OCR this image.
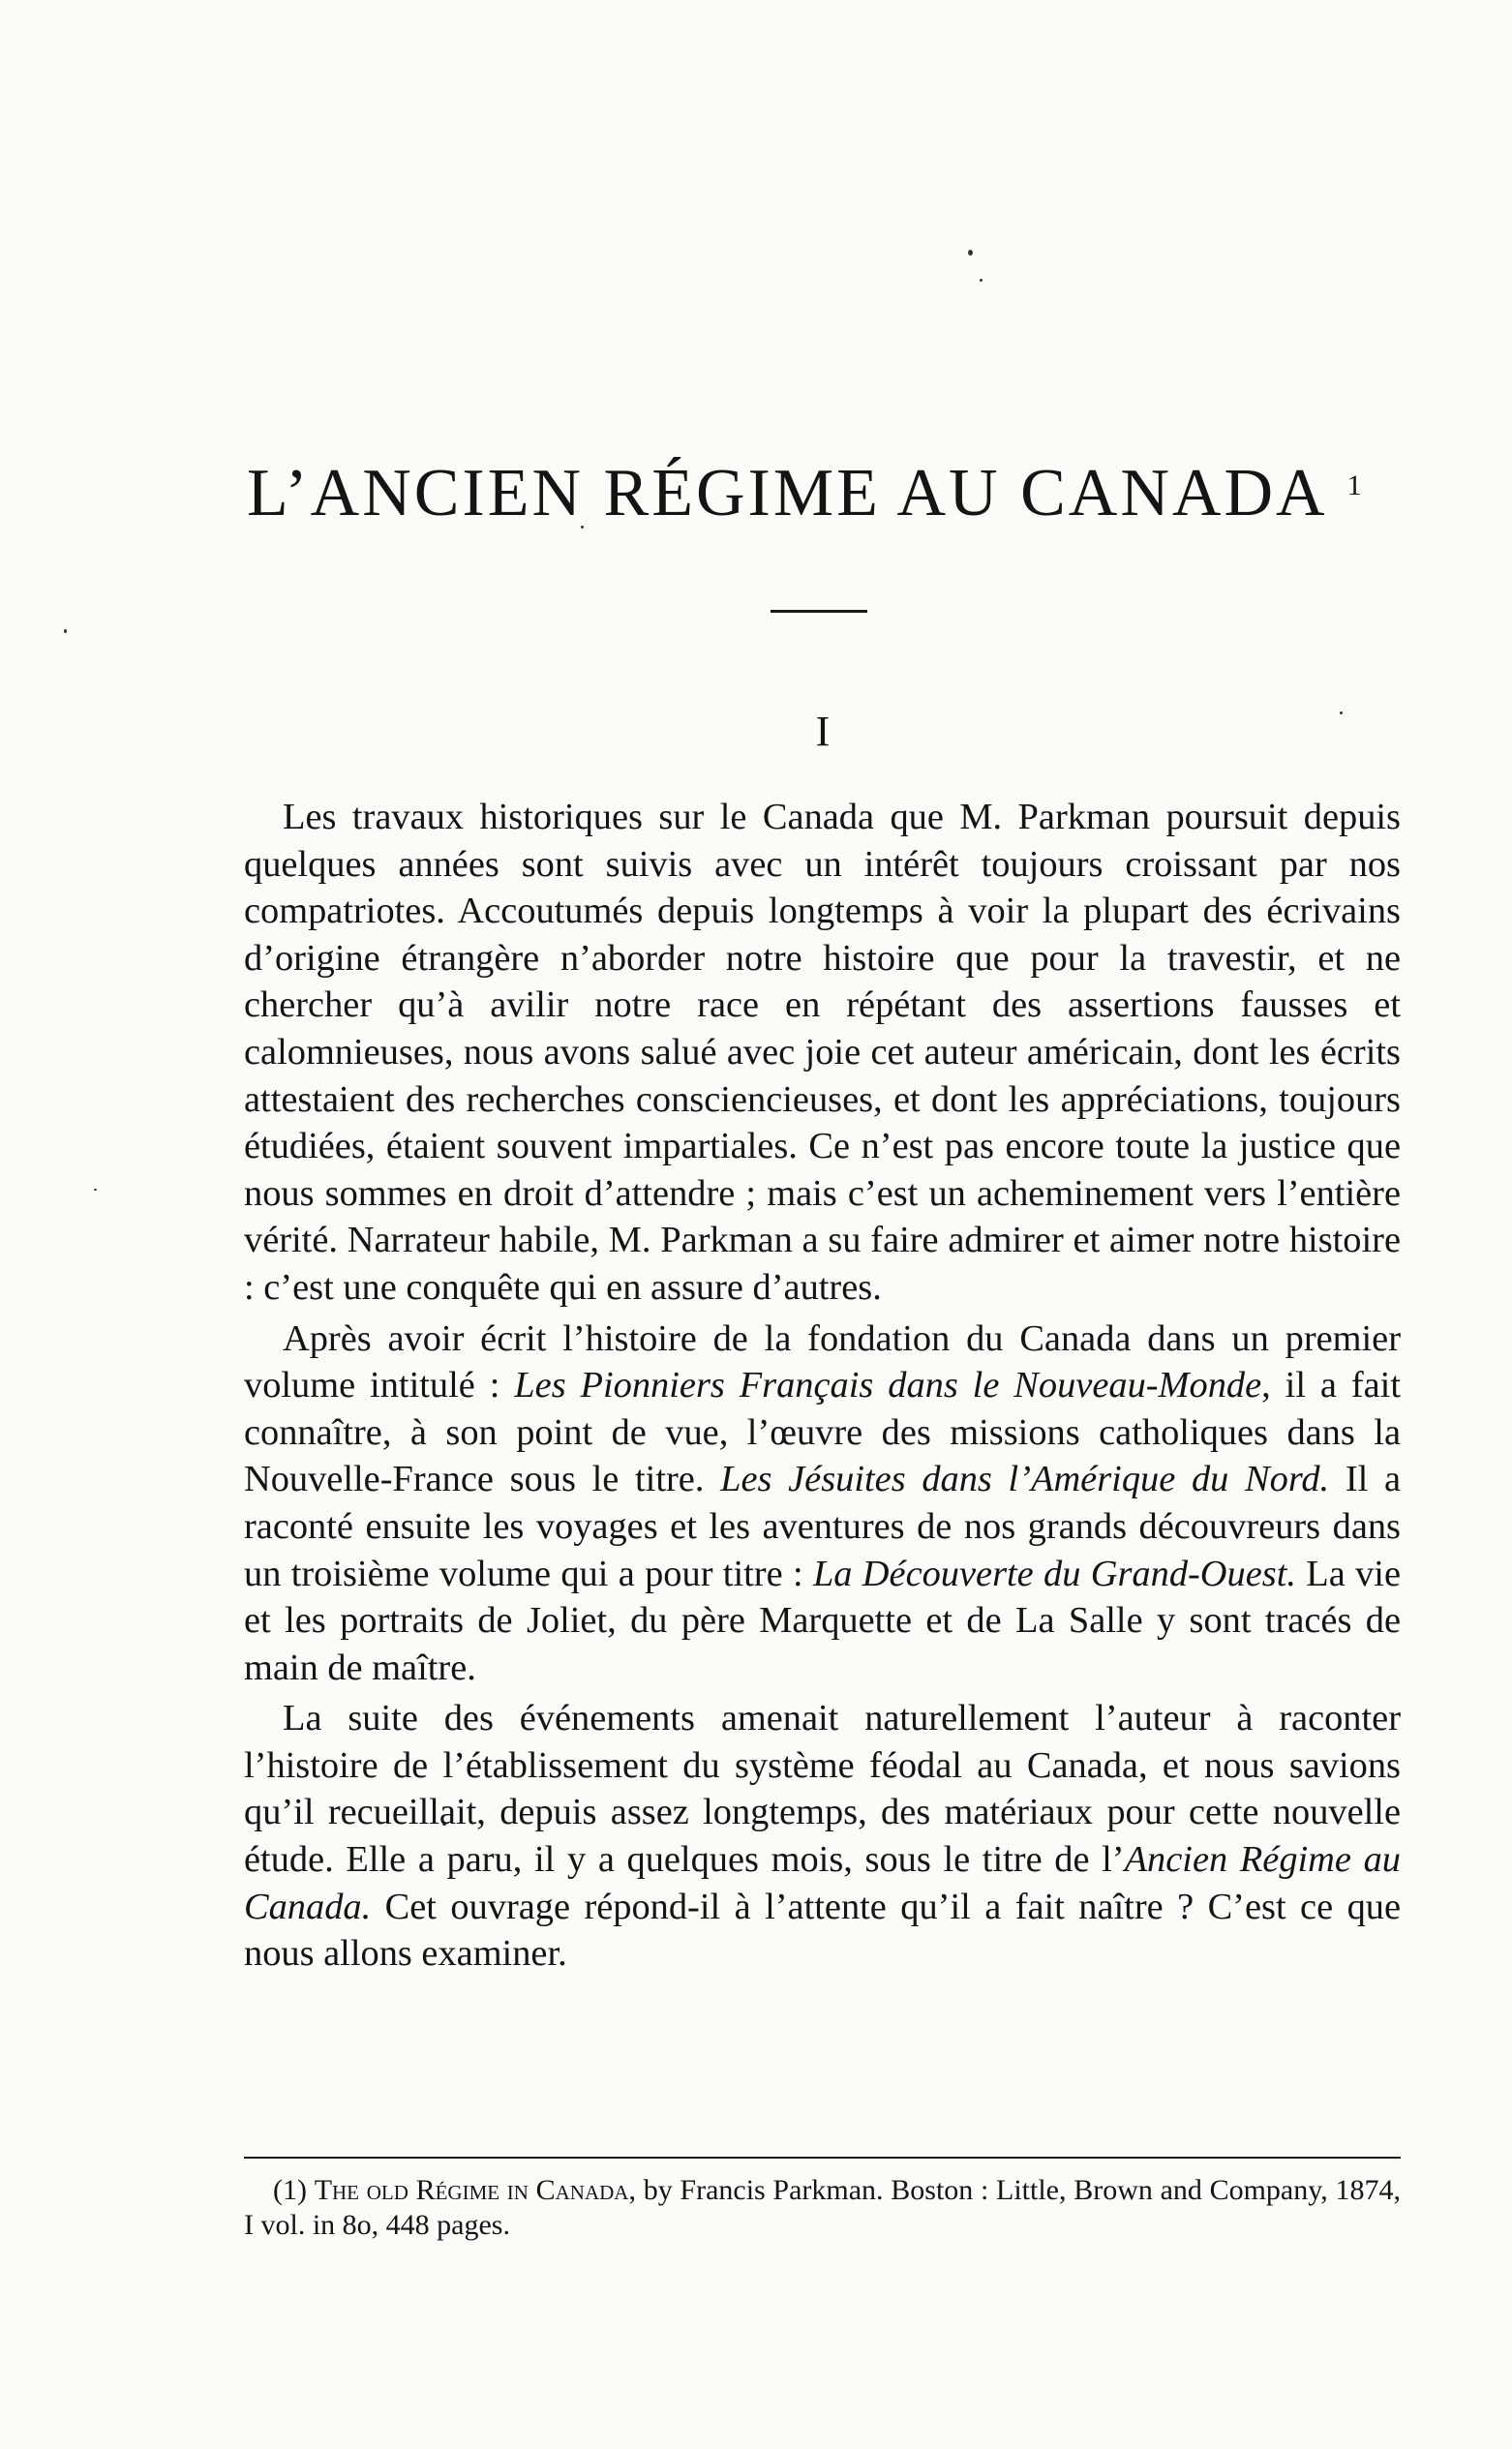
L’ANCIEN RÉGIME AU CANADA $^1$
I

Les travaux historiques sur le Canada que M. Parkman poursuit depuis quelques années sont suivis avec un intérêt toujours croissant par nos compatriotes. Accoutumés depuis longtemps à voir la plupart des écrivains d’origine étrangère n’aborder notre histoire que pour la travestir, et ne chercher qu’à avilir notre race en répétant des assertions fausses et calomnieuses, nous avons salué avec joie cet auteur américain, dont les écrits attestaient des recherches consciencieuses, et dont les appréciations, toujours étudiées, étaient souvent impartiales. Ce n’est pas encore toute la justice que nous sommes en droit d’attendre ; mais c’est un acheminement vers l’entière vérité. Narrateur habile, M. Parkman a su faire admirer et aimer notre histoire : c’est une conquête qui en assure d’autres.

Après avoir écrit l’histoire de la fondation du Canada dans un premier volume intitulé : Les Pionniers Français dans le Nouveau-Monde, il a fait connaître, à son point de vue, l’œuvre des missions catholiques dans la Nouvelle-France sous le titre. Les Jésuites dans l’Amérique du Nord. Il a raconté ensuite les voyages et les aventures de nos grands découvreurs dans un troisième volume qui a pour titre : La Découverte du Grand-Ouest. La vie et les portraits de Joliet, du père Marquette et de La Salle y sont tracés de main de maître.

La suite des événements amenait naturellement l’auteur à raconter l’histoire de l’établissement du système féodal au Canada, et nous savions qu’il recueillait, depuis assez longtemps, des matériaux pour cette nouvelle étude. Elle a paru, il y a quelques mois, sous le titre de l’Ancien Régime au Canada. Cet ouvrage répond-il à l’attente qu’il a fait naître ? C’est ce que nous allons examiner.

(1) The old Régime in Canada, by Francis Parkman. Boston : Little, Brown and Company, 1874, I vol. in 8o, 448 pages.
